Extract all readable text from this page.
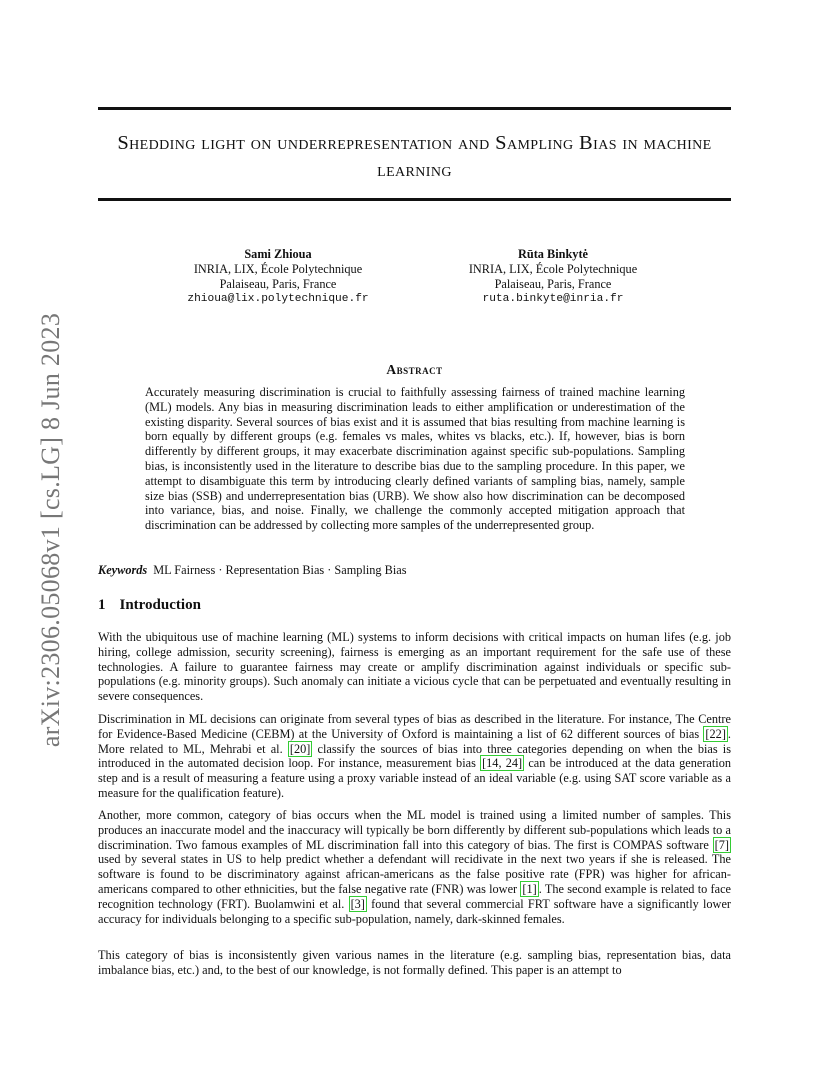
arXiv:2306.05068v1 [cs.LG] 8 Jun 2023
Shedding light on underrepresentation and Sampling Bias in machine learning
Sami Zhioua
INRIA, LIX, École Polytechnique
Palaiseau, Paris, France
zhioua@lix.polytechnique.fr
Rūta Binkytė
INRIA, LIX, École Polytechnique
Palaiseau, Paris, France
ruta.binkyte@inria.fr
Abstract

Accurately measuring discrimination is crucial to faithfully assessing fairness of trained machine learning (ML) models. Any bias in measuring discrimination leads to either amplification or underestimation of the existing disparity. Several sources of bias exist and it is assumed that bias resulting from machine learning is born equally by different groups (e.g. females vs males, whites vs blacks, etc.). If, however, bias is born differently by different groups, it may exacerbate discrimination against specific sub-populations. Sampling bias, is inconsistently used in the literature to describe bias due to the sampling procedure. In this paper, we attempt to disambiguate this term by introducing clearly defined variants of sampling bias, namely, sample size bias (SSB) and underrepresentation bias (URB). We show also how discrimination can be decomposed into variance, bias, and noise. Finally, we challenge the commonly accepted mitigation approach that discrimination can be addressed by collecting more samples of the underrepresented group.

Keywords ML Fairness · Representation Bias · Sampling Bias
1 Introduction

With the ubiquitous use of machine learning (ML) systems to inform decisions with critical impacts on human lifes (e.g. job hiring, college admission, security screening), fairness is emerging as an important requirement for the safe use of these technologies. A failure to guarantee fairness may create or amplify discrimination against individuals or specific sub-populations (e.g. minority groups). Such anomaly can initiate a vicious cycle that can be perpetuated and eventually resulting in severe consequences.

Discrimination in ML decisions can originate from several types of bias as described in the literature. For instance, The Centre for Evidence-Based Medicine (CEBM) at the University of Oxford is maintaining a list of 62 different sources of bias [22] . More related to ML, Mehrabi et al. [20] classify the sources of bias into three categories depending on when the bias is introduced in the automated decision loop. For instance, measurement bias [14, 24] can be introduced at the data generation step and is a result of measuring a feature using a proxy variable instead of an ideal variable (e.g. using SAT score variable as a measure for the qualification feature).

Another, more common, category of bias occurs when the ML model is trained using a limited number of samples. This produces an inaccurate model and the inaccuracy will typically be born differently by different sub-populations which leads to a discrimination. Two famous examples of ML discrimination fall into this category of bias. The first is COMPAS software [7] used by several states in US to help predict whether a defendant will recidivate in the next two years if she is released. The software is found to be discriminatory against african-americans as the false positive rate (FPR) was higher for african-americans compared to other ethnicities, but the false negative rate (FNR) was lower [1] . The second example is related to face recognition technology (FRT). Buolamwini et al. [3] found that several commercial FRT software have a significantly lower accuracy for individuals belonging to a specific sub-population, namely, dark-skinned females.

This category of bias is inconsistently given various names in the literature (e.g. sampling bias, representation bias, data imbalance bias, etc.) and, to the best of our knowledge, is not formally defined. This paper is an attempt to
